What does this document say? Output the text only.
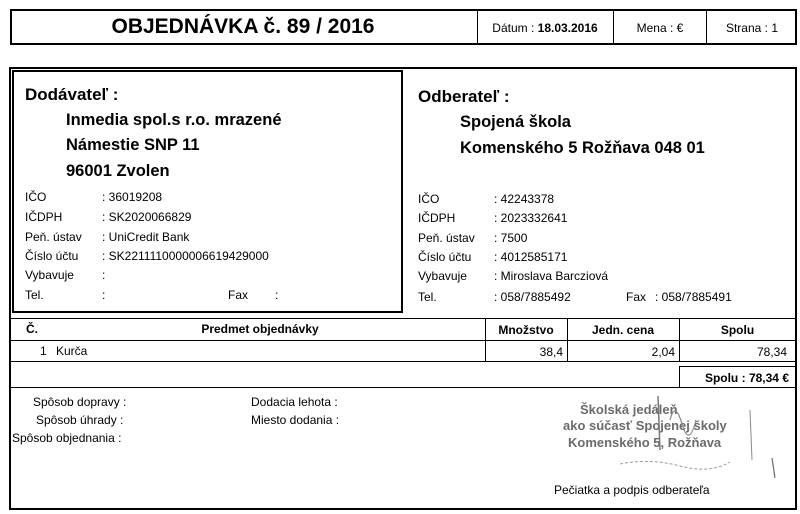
OBJEDNÁVKA č. 89 / 2016	Dátum : 18.03.2016	Mena : €	Strana : 1
Dodávateľ :
Inmedia spol.s r.o. mrazené
Námestie SNP 11
96001 Zvolen
IČO	: 36019208
IČDPH	: SK2020066829
Peň. ústav : UniCredit Bank
Číslo účtu : SK2211110000006619429000
Vybavuje :
Tel.	:	Fax :
Odberateľ :
Spojená škola
Komenského 5 Rožňava 048 01
IČO	: 42243378
IČDPH	: 2023332641
Peň. ústav : 7500
Číslo účtu : 4012585171
Vybavuje : Miroslava Barcziová
Tel.	: 058/7885492	Fax : 058/7885491
Č.	Predmet objednávky	Množstvo	Jedn. cena	Spolu
1 Kurča	38,4	2,04	78,34
Spolu : 78,34 €
Spôsob dopravy :
Spôsob úhrady :
Spôsob objednania :
Dodacia lehota :
Miesto dodania :
Školská jedáleň
ako súčasť Spojenej školy
Komenského 5, Rožňava
Pečiatka a podpis odberateľa
